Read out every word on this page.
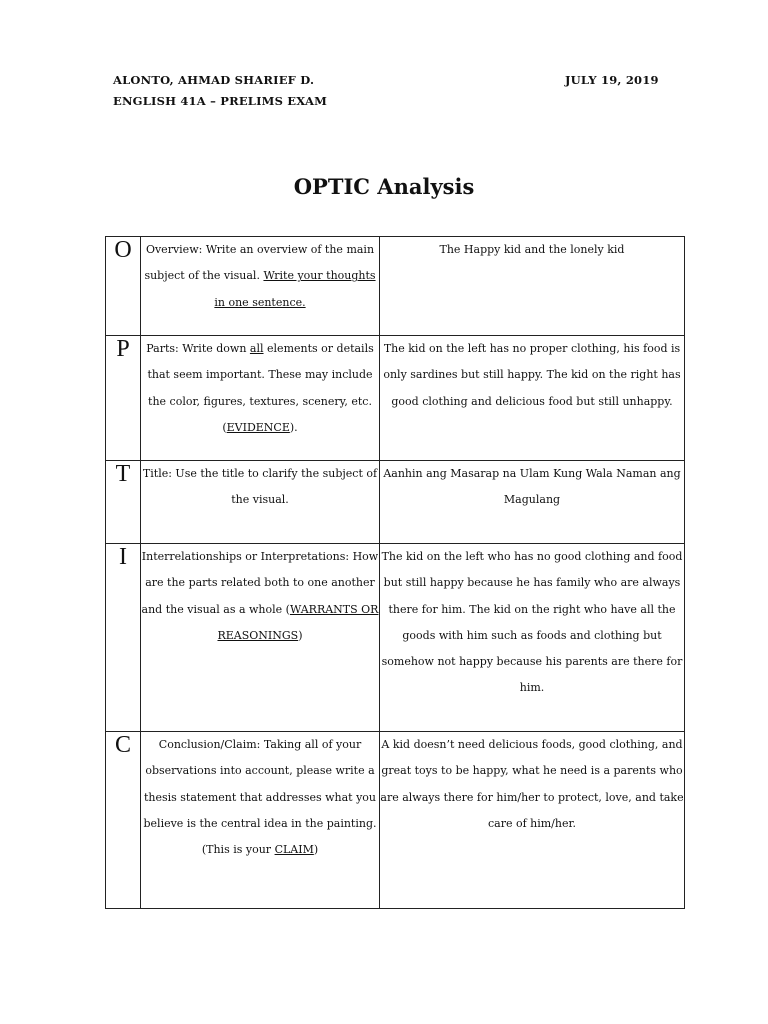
ALONTO, AHMAD SHARIEF D.
ENGLISH 41A – PRELIMS EXAM
JULY 19, 2019
OPTIC Analysis
O	Overview: Write an overview of the main subject of the visual. Write your thoughts in one sentence.	The Happy kid and the lonely kid
P	Parts: Write down all elements or details that seem important. These may include the color, figures, textures, scenery, etc. (EVIDENCE).	The kid on the left has no proper clothing, his food is only sardines but still happy. The kid on the right has good clothing and delicious food but still unhappy.
T	Title: Use the title to clarify the subject of the visual.	Aanhin ang Masarap na Ulam Kung Wala Naman ang Magulang
I	Interrelationships or Interpretations: How are the parts related both to one another and the visual as a whole (WARRANTS OR REASONINGS)	The kid on the left who has no good clothing and food but still happy because he has family who are always there for him. The kid on the right who have all the goods with him such as foods and clothing but somehow not happy because his parents are there for him.
C	Conclusion/Claim: Taking all of your observations into account, please write a thesis statement that addresses what you believe is the central idea in the painting. (This is your CLAIM)	A kid doesn’t need delicious foods, good clothing, and great toys to be happy, what he need is a parents who are always there for him/her to protect, love, and take care of him/her.
